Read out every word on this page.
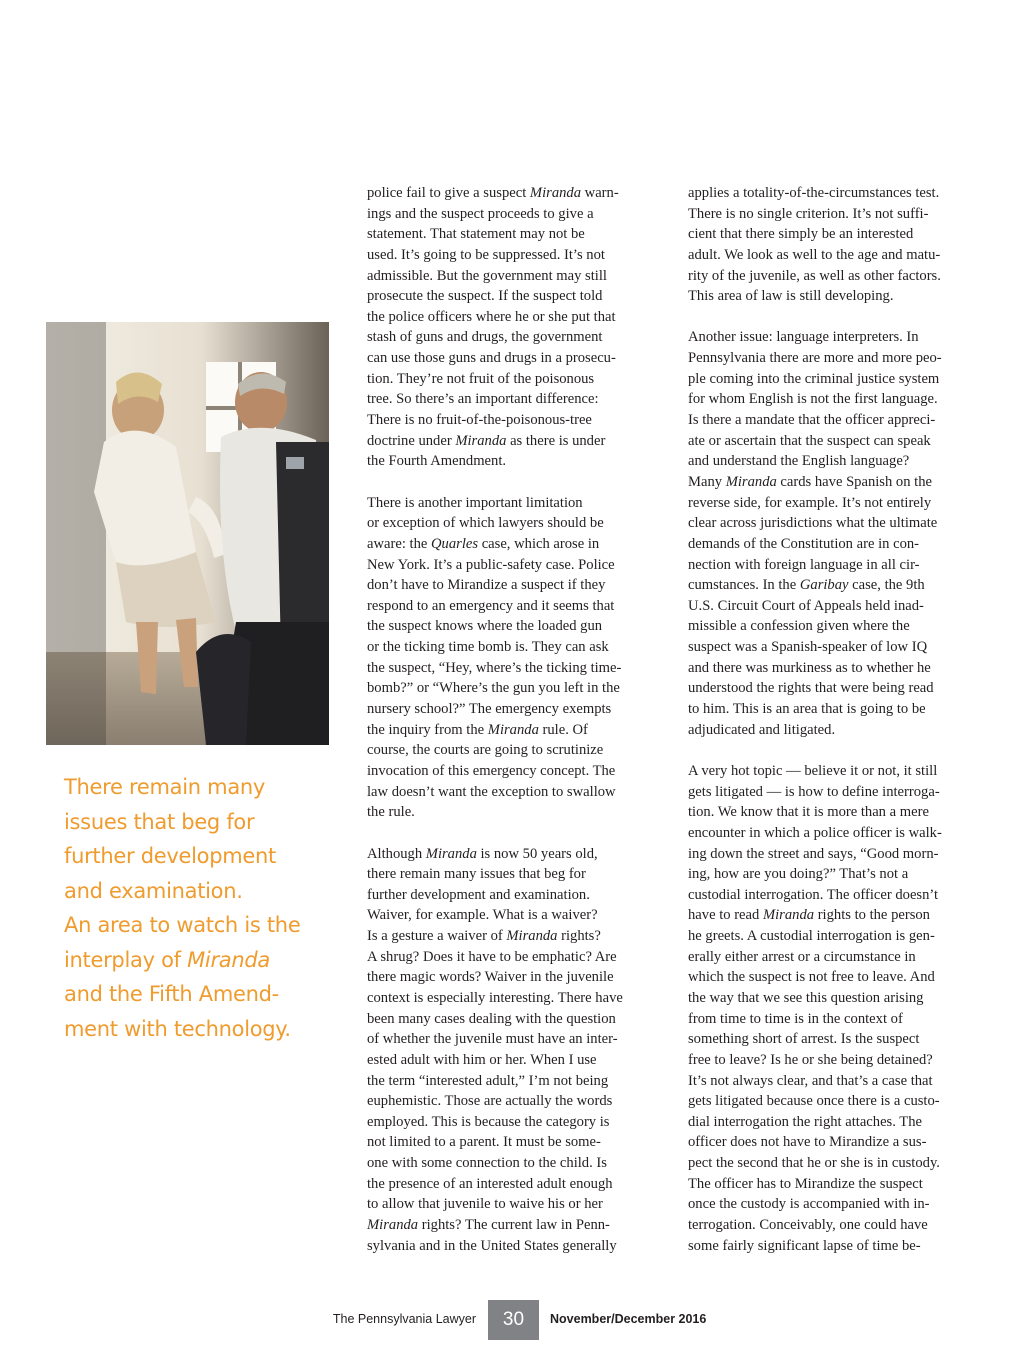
police fail to give a suspect Miranda warn-
ings and the suspect proceeds to give a
statement. That statement may not be
used. It’s going to be suppressed. It’s not
admissible. But the government may still
prosecute the suspect. If the suspect told
the police officers where he or she put that
stash of guns and drugs, the government
can use those guns and drugs in a prosecu-
tion. They’re not fruit of the poisonous
tree. So there’s an important difference:
There is no fruit-of-the-poisonous-tree
doctrine under Miranda as there is under
the Fourth Amendment.
There is another important limitation
or exception of which lawyers should be
aware: the Quarles case, which arose in
New York. It’s a public-safety case. Police
don’t have to Mirandize a suspect if they
respond to an emergency and it seems that
the suspect knows where the loaded gun
or the ticking time bomb is. They can ask
the suspect, “Hey, where’s the ticking time-
bomb?” or “Where’s the gun you left in the
nursery school?” The emergency exempts
the inquiry from the Miranda rule. Of
course, the courts are going to scrutinize
invocation of this emergency concept. The
law doesn’t want the exception to swallow
the rule.
Although Miranda is now 50 years old,
there remain many issues that beg for
further development and examination.
Waiver, for example. What is a waiver?
Is a gesture a waiver of Miranda rights?
A shrug? Does it have to be emphatic? Are
there magic words? Waiver in the juvenile
context is especially interesting. There have
been many cases dealing with the question
of whether the juvenile must have an inter-
ested adult with him or her. When I use
the term “interested adult,” I’m not being
euphemistic. Those are actually the words
employed. This is because the category is
not limited to a parent. It must be some-
one with some connection to the child. Is
the presence of an interested adult enough
to allow that juvenile to waive his or her
Miranda rights? The current law in Penn-
sylvania and in the United States generally
applies a totality-of-the-circumstances test.
There is no single criterion. It’s not suffi-
cient that there simply be an interested
adult. We look as well to the age and matu-
rity of the juvenile, as well as other factors.
This area of law is still developing.
Another issue: language interpreters. In
Pennsylvania there are more and more peo-
ple coming into the criminal justice system
for whom English is not the first language.
Is there a mandate that the officer appreci-
ate or ascertain that the suspect can speak
and understand the English language?
Many Miranda cards have Spanish on the
reverse side, for example. It’s not entirely
clear across jurisdictions what the ultimate
demands of the Constitution are in con-
nection with foreign language in all cir-
cumstances. In the Garibay case, the 9th
U.S. Circuit Court of Appeals held inad-
missible a confession given where the
suspect was a Spanish-speaker of low IQ
and there was murkiness as to whether he
understood the rights that were being read
to him. This is an area that is going to be
adjudicated and litigated.
A very hot topic — believe it or not, it still
gets litigated — is how to define interroga-
tion. We know that it is more than a mere
encounter in which a police officer is walk-
ing down the street and says, “Good morn-
ing, how are you doing?” That’s not a
custodial interrogation. The officer doesn’t
have to read Miranda rights to the person
he greets. A custodial interrogation is gen-
erally either arrest or a circumstance in
which the suspect is not free to leave. And
the way that we see this question arising
from time to time is in the context of
something short of arrest. Is the suspect
free to leave? Is he or she being detained?
It’s not always clear, and that’s a case that
gets litigated because once there is a custo-
dial interrogation the right attaches. The
officer does not have to Mirandize a sus-
pect the second that he or she is in custody.
The officer has to Mirandize the suspect
once the custody is accompanied with in-
terrogation. Conceivably, one could have
some fairly significant lapse of time be-
There remain many
issues that beg for
further development
and examination.
An area to watch is the
interplay of Miranda
and the Fifth Amend-
ment with technology.
The Pennsylvania Lawyer	30	November/December 2016
